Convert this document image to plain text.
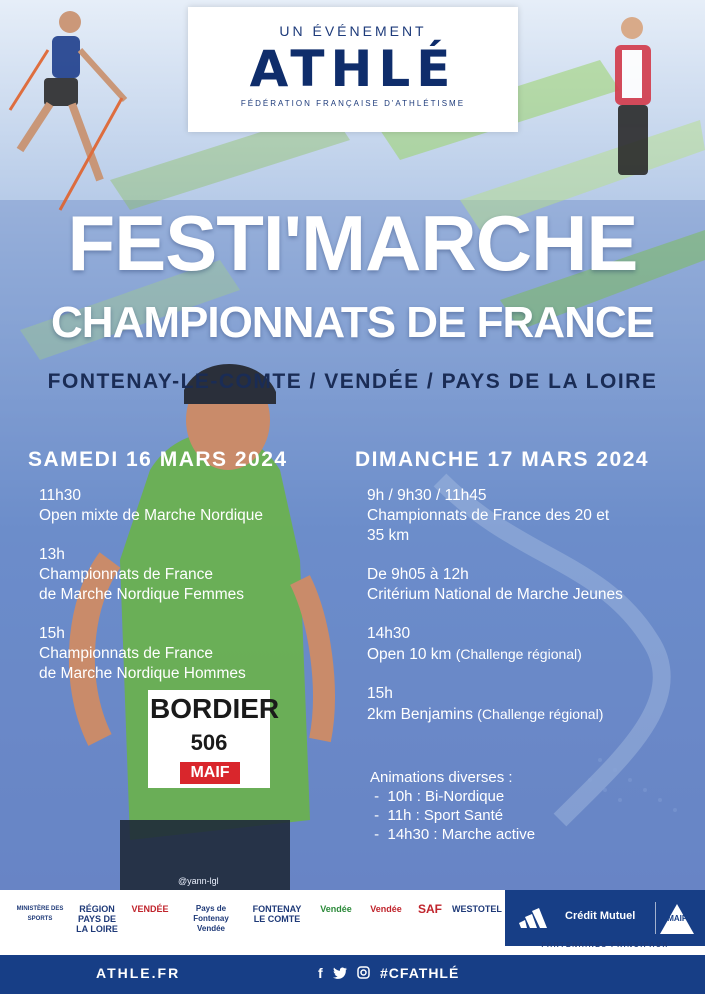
BORDIER
506
MAIF
UN ÉVÉNEMENT
ATHLÉ
FÉDÉRATION FRANÇAISE D'ATHLÉTISME
FESTI'MARCHE
CHAMPIONNATS DE FRANCE
FONTENAY-LE-COMTE / VENDÉE / PAYS DE LA LOIRE
SAMEDI 16 MARS 2024
11h30
Open mixte de Marche Nordique
13h
Championnats de France
de Marche Nordique Femmes
15h
Championnats de France
de Marche Nordique Hommes
DIMANCHE 17 MARS 2024
9h / 9h30 / 11h45
Championnats de France des 20 et
35 km
De 9h05 à 12h
Critérium National de Marche Jeunes
14h30
Open 10 km (Challenge régional)
15h
2km Benjamins (Challenge régional)
Animations diverses :
-  10h : Bi-Nordique
-  11h : Sport Santé
-  14h30 : Marche active
@yann-lgl
MINISTÈRE DES SPORTS
RÉGION PAYS DE LA LOIRE
VENDÉE	Pays de Fontenay Vendée
FONTENAY LE COMTE
Vendée	Vendée	SAF	WESTOTEL
Crédit Mutuel	MAIF
PARTENAIRES PRINCIPAUX
ATHLE.FR	f	#CFATHLÉ
